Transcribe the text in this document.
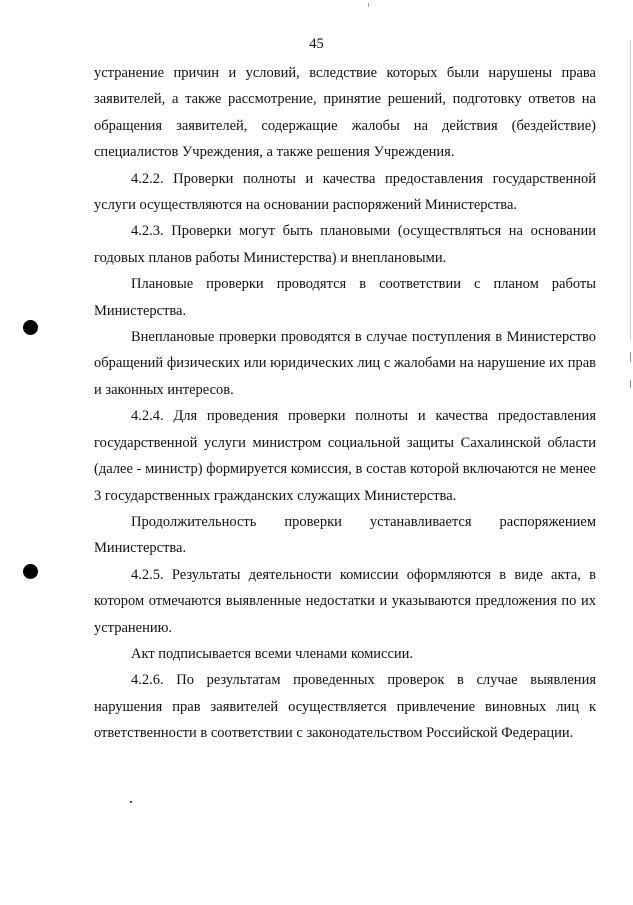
45

устранение причин и условий, вследствие которых были нарушены права заявителей, а также рассмотрение, принятие решений, подготовку ответов на обращения заявителей, содержащие жалобы на действия (бездействие) специалистов Учреждения, а также решения Учреждения.

4.2.2. Проверки полноты и качества предоставления государственной услуги осуществляются на основании распоряжений Министерства.

4.2.3. Проверки могут быть плановыми (осуществляться на основании годовых планов работы Министерства) и внеплановыми.

Плановые проверки проводятся в соответствии с планом работы Министерства.

Внеплановые проверки проводятся в случае поступления в Министерство обращений физических или юридических лиц с жалобами на нарушение их прав и законных интересов.

4.2.4. Для проведения проверки полноты и качества предоставления государственной услуги министром социальной защиты Сахалинской области (далее - министр) формируется комиссия, в состав которой включаются не менее 3 государственных гражданских служащих Министерства.

Продолжительность проверки устанавливается распоряжением Министерства.

4.2.5. Результаты деятельности комиссии оформляются в виде акта, в котором отмечаются выявленные недостатки и указываются предложения по их устранению.

Акт подписывается всеми членами комиссии.

4.2.6. По результатам проведенных проверок в случае выявления нарушения прав заявителей осуществляется привлечение виновных лиц к ответственности в соответствии с законодательством Российской Федерации.
